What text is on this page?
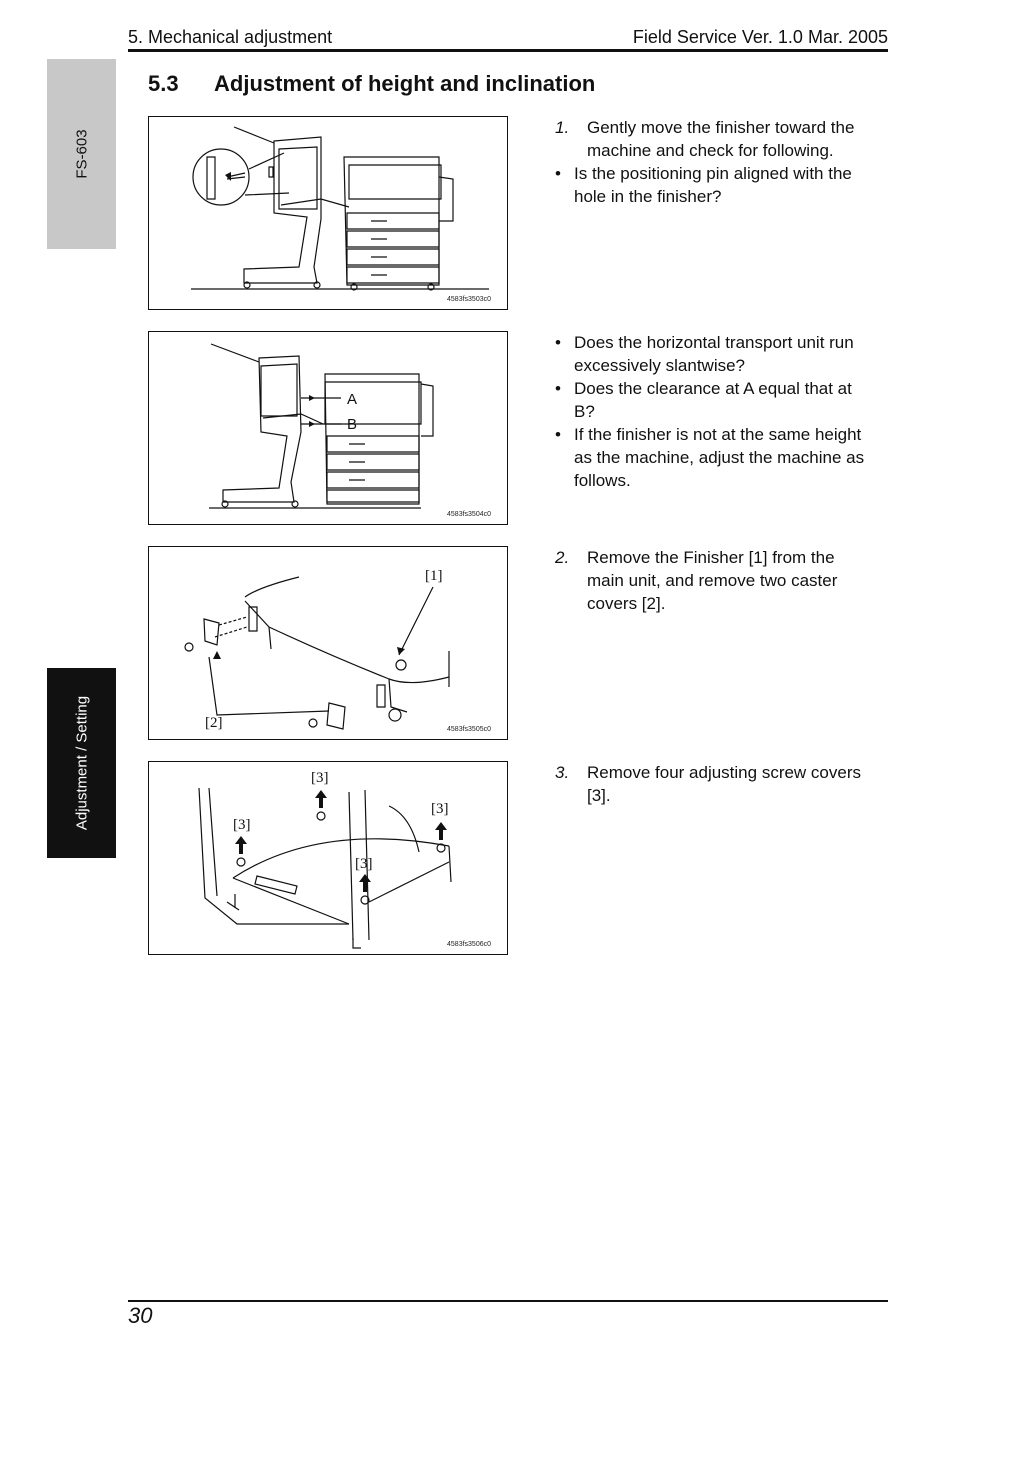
5. Mechanical adjustment	Field Service Ver. 1.0 Mar. 2005
FS-603
Adjustment / Setting
5.3 Adjustment of height and inclination
4583fs3503c0
A
B
4583fs3504c0
[1]
[2]	4583fs3505c0
[3]
[3]
[3]
[3]
4583fs3506c0
1.	Gently move the finisher toward the
machine and check for following.
• Is the positioning pin aligned with the
hole in the finisher?
• Does the horizontal transport unit run
excessively slantwise?
• Does the clearance at A equal that at
B?
• If the finisher is not at the same height
as the machine, adjust the machine as
follows.
2.	Remove the Finisher [1] from the
main unit, and remove two caster
covers [2].
3.	Remove four adjusting screw covers
[3].
30
